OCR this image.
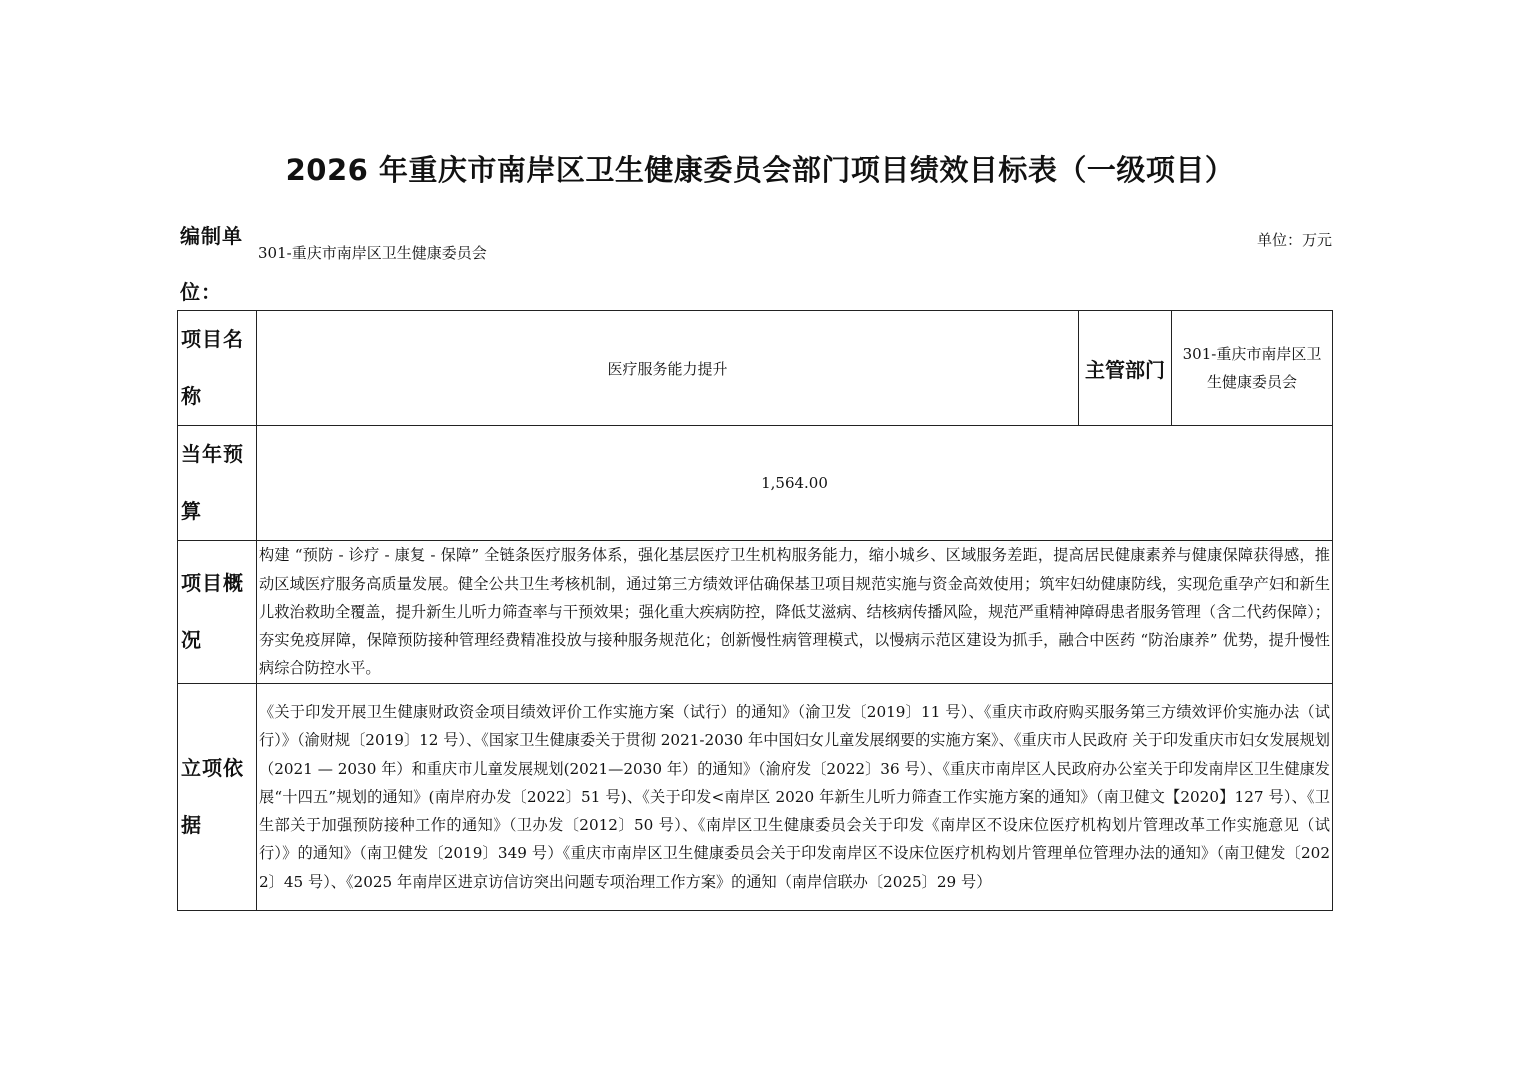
2026 年重庆市南岸区卫生健康委员会部门项目绩效目标表（一级项目）
编制单位：
301-重庆市南岸区卫生健康委员会
单位：万元
项目名称	医疗服务能力提升	主管部门	301-重庆市南岸区卫生健康委员会
当年预算	1,564.00		
项目概况	构建 “预防 - 诊疗 - 康复 - 保障” 全链条医疗服务体系，强化基层医疗卫生机构服务能力，缩小城乡、区域服务差距，提高居民健康素养与健康保障获得感，推动区域医疗服务高质量发展。健全公共卫生考核机制，通过第三方绩效评估确保基卫项目规范实施与资金高效使用；筑牢妇幼健康防线，实现危重孕产妇和新生儿救治救助全覆盖，提升新生儿听力筛查率与干预效果；强化重大疾病防控，降低艾滋病、结核病传播风险，规范严重精神障碍患者服务管理（含二代药保障）；夯实免疫屏障，保障预防接种管理经费精准投放与接种服务规范化；创新慢性病管理模式，以慢病示范区建设为抓手，融合中医药 “防治康养” 优势，提升慢性病综合防控水平。		
立项依据	《关于印发开展卫生健康财政资金项目绩效评价工作实施方案（试行）的通知》（渝卫发〔2019〕11 号）、《重庆市政府购买服务第三方绩效评价实施办法（试行）》（渝财规〔2019〕12 号）、《国家卫生健康委关于贯彻 2021-2030 年中国妇女儿童发展纲要的实施方案》、《重庆市人民政府 关于印发重庆市妇女发展规划（2021 — 2030 年）和重庆市儿童发展规划(2021—2030 年）的通知》（渝府发〔2022〕36 号）、《重庆市南岸区人民政府办公室关于印发南岸区卫生健康发展“十四五”规划的通知》(南岸府办发〔2022〕51 号)、《关于印发<南岸区 2020 年新生儿听力筛查工作实施方案的通知》（南卫健文【2020】127 号）、《卫生部关于加强预防接种工作的通知》（卫办发〔2012〕50 号）、《南岸区卫生健康委员会关于印发《南岸区不设床位医疗机构划片管理改革工作实施意见（试行）》的通知》（南卫健发〔2019〕349 号）《重庆市南岸区卫生健康委员会关于印发南岸区不设床位医疗机构划片管理单位管理办法的通知》（南卫健发〔2022〕45 号）、《2025 年南岸区进京访信访突出问题专项治理工作方案》的通知（南岸信联办〔2025〕29 号）		
